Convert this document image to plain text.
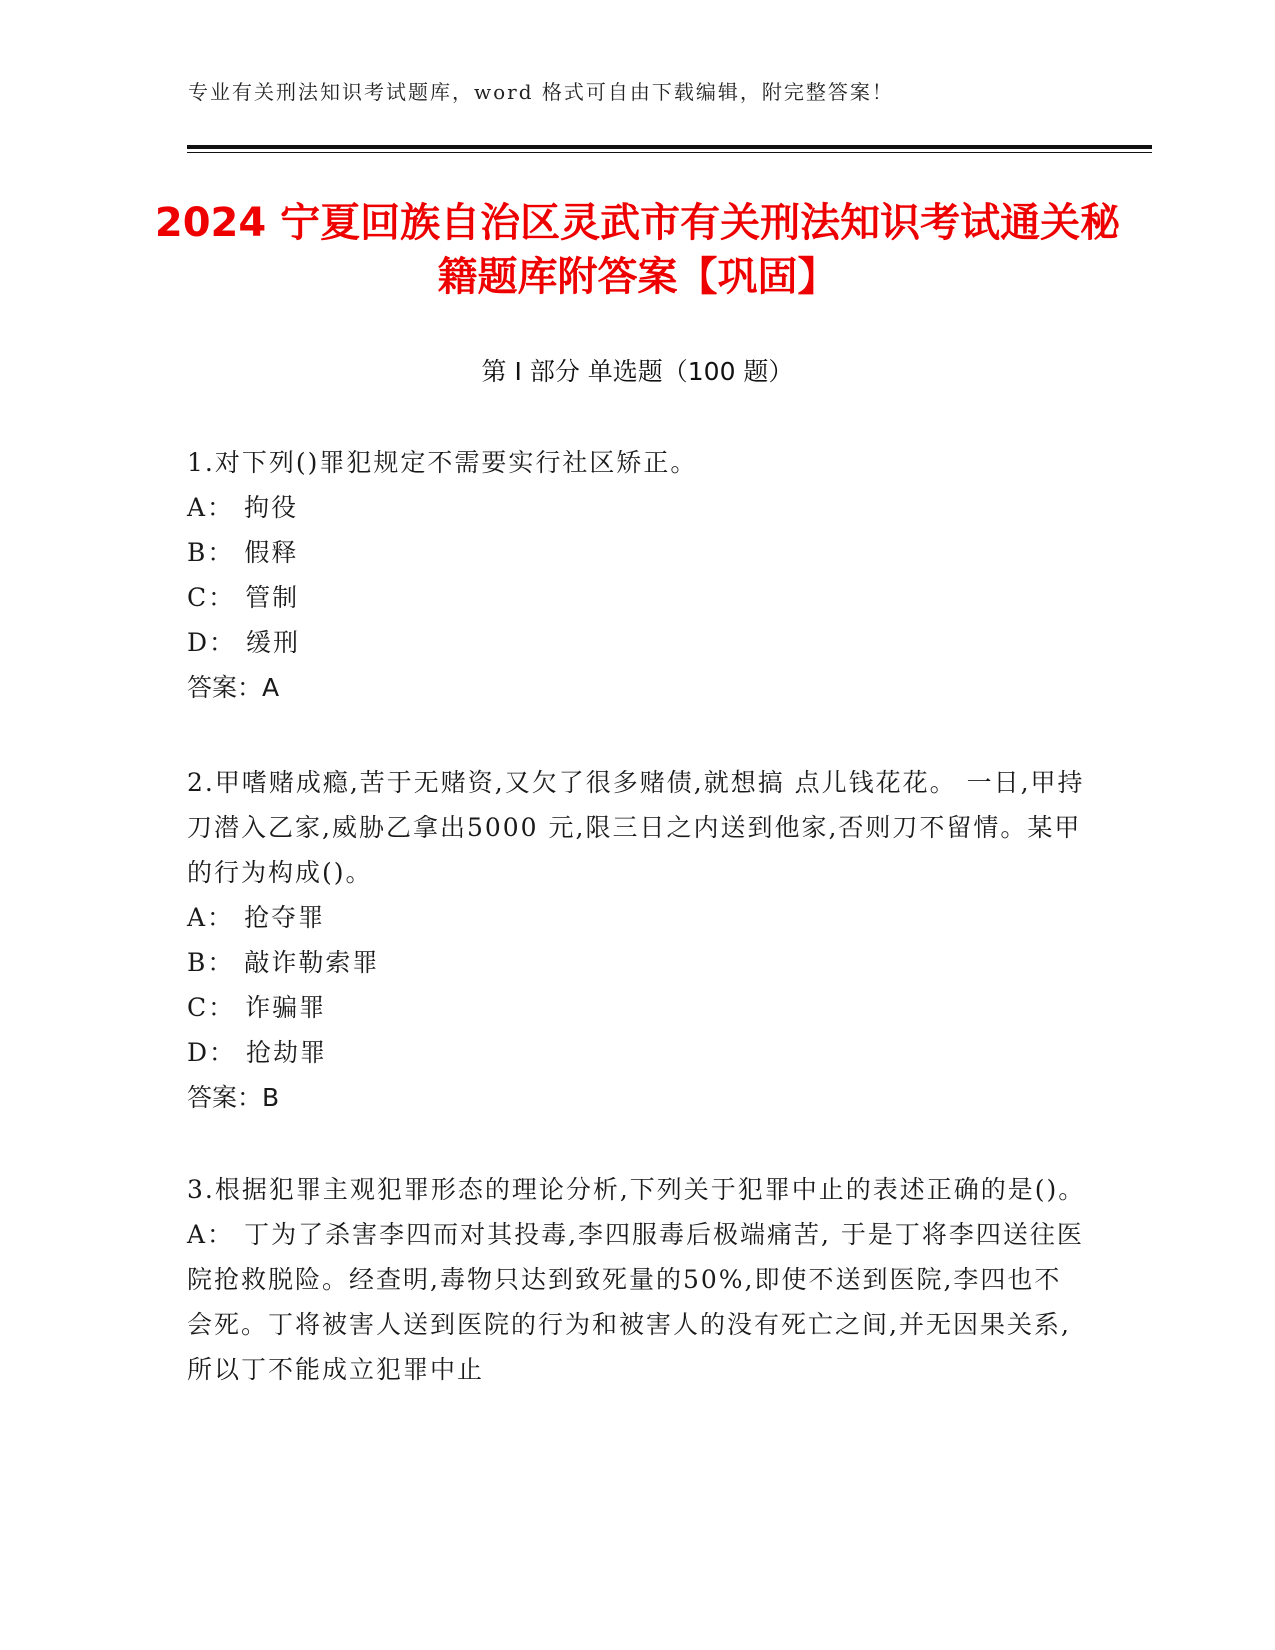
专业有关刑法知识考试题库，word 格式可自由下载编辑，附完整答案！
2024 宁夏回族自治区灵武市有关刑法知识考试通关秘籍题库附答案【巩固】
第 I 部分 单选题（100 题）

1.对下列()罪犯规定不需要实行社区矫正。

A： 拘役

B： 假释

C： 管制

D： 缓刑

答案：A

2.甲嗜赌成瘾,苦于无赌资,又欠了很多赌债,就想搞 点儿钱花花。 一日,甲持刀潜入乙家,威胁乙拿出5000 元,限三日之内送到他家,否则刀不留情。某甲的行为构成()。

A： 抢夺罪

B： 敲诈勒索罪

C： 诈骗罪

D： 抢劫罪

答案：B

3.根据犯罪主观犯罪形态的理论分析,下列关于犯罪中止的表述正确的是()。

A： 丁为了杀害李四而对其投毒,李四服毒后极端痛苦, 于是丁将李四送往医院抢救脱险。经查明,毒物只达到致死量的50%,即使不送到医院,李四也不会死。丁将被害人送到医院的行为和被害人的没有死亡之间,并无因果关系,所以丁不能成立犯罪中止
